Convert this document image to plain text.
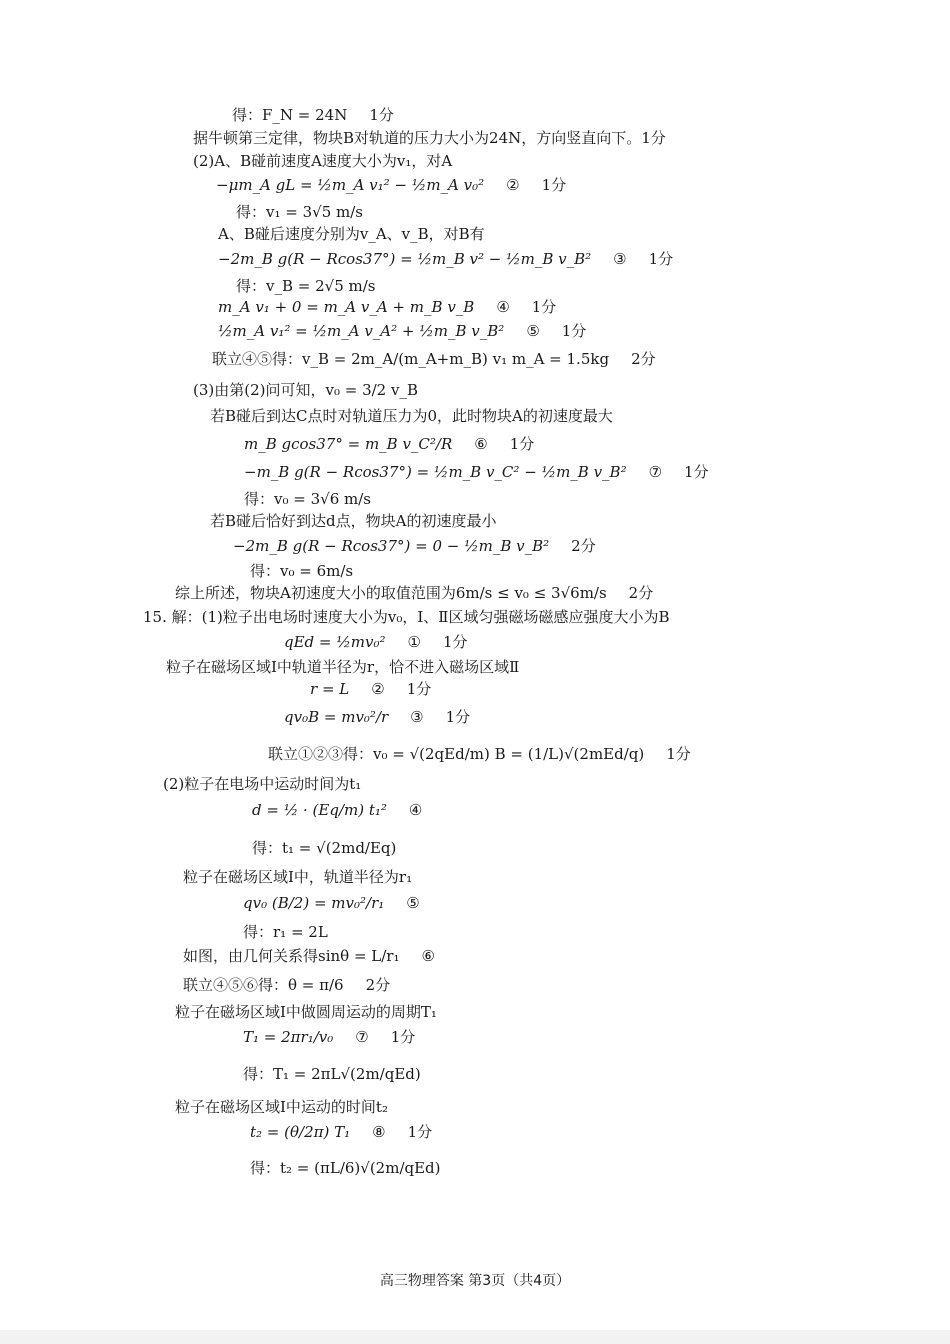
得：F_N = 24N 1分
据牛顿第三定律，物块B对轨道的压力大小为24N，方向竖直向下。1分
(2)A、B碰前速度A速度大小为v₁，对A
−μm_A gL = ½m_A v₁² − ½m_A v₀² ② 1分
得：v₁ = 3√5 m/s
A、B碰后速度分别为v_A、v_B，对B有
−2m_B g(R − Rcos37°) = ½m_B v² − ½m_B v_B² ③ 1分
得：v_B = 2√5 m/s
m_A v₁ + 0 = m_A v_A + m_B v_B ④ 1分
½m_A v₁² = ½m_A v_A² + ½m_B v_B² ⑤ 1分
联立④⑤得：v_B = 2m_A/(m_A+m_B) v₁ m_A = 1.5kg 2分
(3)由第(2)问可知，v₀ = 3/2 v_B
若B碰后到达C点时对轨道压力为0，此时物块A的初速度最大
m_B gcos37° = m_B v_C²/R ⑥ 1分
−m_B g(R − Rcos37°) = ½m_B v_C² − ½m_B v_B² ⑦ 1分
得：v₀ = 3√6 m/s
若B碰后恰好到达d点，物块A的初速度最小
−2m_B g(R − Rcos37°) = 0 − ½m_B v_B² 2分
得：v₀ = 6m/s
综上所述，物块A初速度大小的取值范围为6m/s ≤ v₀ ≤ 3√6m/s 2分
15. 解：(1)粒子出电场时速度大小为v₀，Ⅰ、Ⅱ区域匀强磁场磁感应强度大小为B
qEd = ½mv₀² ① 1分
粒子在磁场区域Ⅰ中轨道半径为r，恰不进入磁场区域Ⅱ
r = L ② 1分
qv₀B = mv₀²/r ③ 1分
联立①②③得：v₀ = √(2qEd/m) B = (1/L)√(2mEd/q) 1分
(2)粒子在电场中运动时间为t₁
d = ½ · (Eq/m) t₁² ④
得：t₁ = √(2md/Eq)
粒子在磁场区域Ⅰ中，轨道半径为r₁
qv₀ (B/2) = mv₀²/r₁ ⑤
得：r₁ = 2L
如图，由几何关系得sinθ = L/r₁ ⑥
联立④⑤⑥得：θ = π/6 2分
粒子在磁场区域Ⅰ中做圆周运动的周期T₁
T₁ = 2πr₁/v₀ ⑦ 1分
得：T₁ = 2πL√(2m/qEd)
粒子在磁场区域Ⅰ中运动的时间t₂
t₂ = (θ/2π) T₁ ⑧ 1分
得：t₂ = (πL/6)√(2m/qEd)
高三物理答案 第3页（共4页）
